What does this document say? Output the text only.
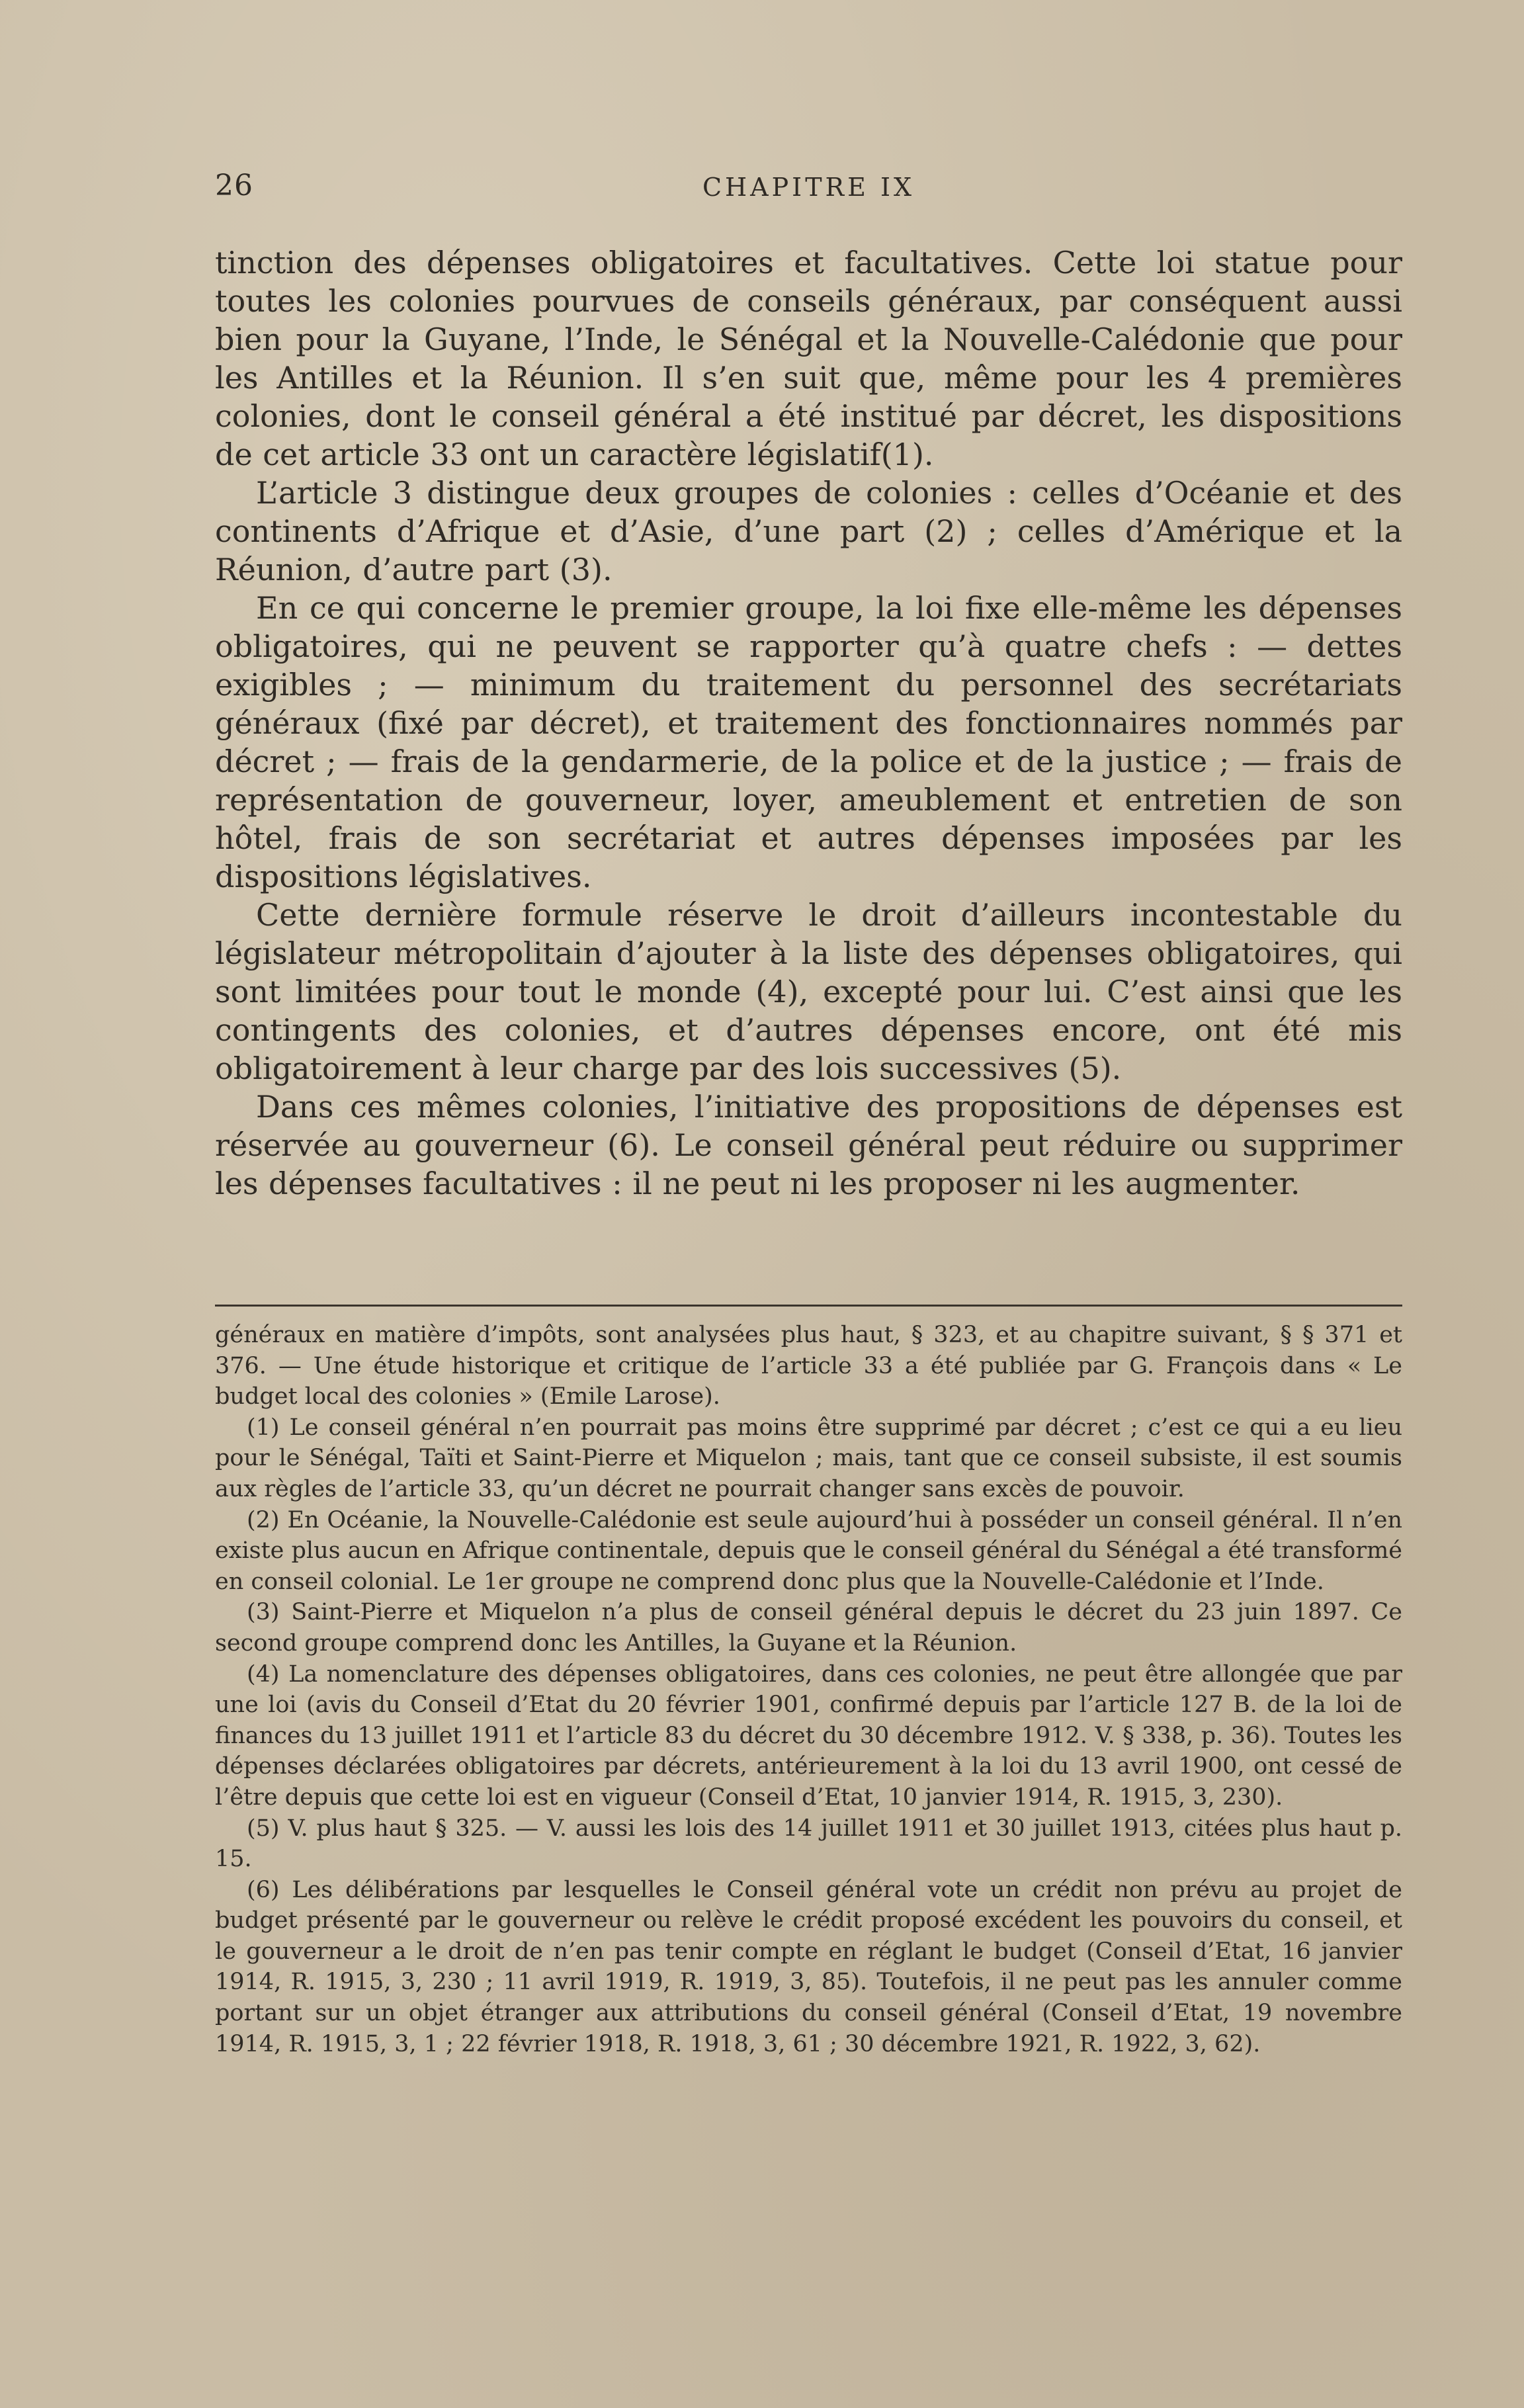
26	CHAPITRE IX

tinction des dépenses obligatoires et facultatives. Cette loi statue pour toutes les colonies pourvues de conseils généraux, par conséquent aussi bien pour la Guyane, l’Inde, le Sénégal et la Nouvelle-Calédonie que pour les Antilles et la Réunion. Il s’en suit que, même pour les 4 premières colonies, dont le conseil général a été institué par décret, les dispositions de cet article 33 ont un caractère législatif(1).

L’article 3 distingue deux groupes de colonies : celles d’Océanie et des continents d’Afrique et d’Asie, d’une part (2) ; celles d’Amérique et la Réunion, d’autre part (3).

En ce qui concerne le premier groupe, la loi fixe elle-même les dépenses obligatoires, qui ne peuvent se rapporter qu’à quatre chefs : — dettes exigibles ; — minimum du traitement du personnel des secrétariats généraux (fixé par décret), et traitement des fonctionnaires nommés par décret ; — frais de la gendarmerie, de la police et de la justice ; — frais de représentation de gouverneur, loyer, ameublement et entretien de son hôtel, frais de son secrétariat et autres dépenses imposées par les dispositions législatives.

Cette dernière formule réserve le droit d’ailleurs incontestable du législateur métropolitain d’ajouter à la liste des dépenses obligatoires, qui sont limitées pour tout le monde (4), excepté pour lui. C’est ainsi que les contingents des colonies, et d’autres dépenses encore, ont été mis obligatoirement à leur charge par des lois successives (5).

Dans ces mêmes colonies, l’initiative des propositions de dépenses est réservée au gouverneur (6). Le conseil général peut réduire ou supprimer les dépenses facultatives : il ne peut ni les proposer ni les augmenter.

généraux en matière d’impôts, sont analysées plus haut, § 323, et au chapitre suivant, § § 371 et 376. — Une étude historique et critique de l’article 33 a été publiée par G. François dans « Le budget local des colonies » (Emile Larose).

(1) Le conseil général n’en pourrait pas moins être supprimé par décret ; c’est ce qui a eu lieu pour le Sénégal, Taïti et Saint-Pierre et Miquelon ; mais, tant que ce conseil subsiste, il est soumis aux règles de l’article 33, qu’un décret ne pourrait changer sans excès de pouvoir.

(2) En Océanie, la Nouvelle-Calédonie est seule aujourd’hui à posséder un conseil général. Il n’en existe plus aucun en Afrique continentale, depuis que le conseil général du Sénégal a été transformé en conseil colonial. Le 1er groupe ne comprend donc plus que la Nouvelle-Calédonie et l’Inde.

(3) Saint-Pierre et Miquelon n’a plus de conseil général depuis le décret du 23 juin 1897. Ce second groupe comprend donc les Antilles, la Guyane et la Réunion.

(4) La nomenclature des dépenses obligatoires, dans ces colonies, ne peut être allongée que par une loi (avis du Conseil d’Etat du 20 février 1901, confirmé depuis par l’article 127 B. de la loi de finances du 13 juillet 1911 et l’article 83 du décret du 30 décembre 1912. V. § 338, p. 36). Toutes les dépenses déclarées obligatoires par décrets, antérieurement à la loi du 13 avril 1900, ont cessé de l’être depuis que cette loi est en vigueur (Conseil d’Etat, 10 janvier 1914, R. 1915, 3, 230).

(5) V. plus haut § 325. — V. aussi les lois des 14 juillet 1911 et 30 juillet 1913, citées plus haut p. 15.

(6) Les délibérations par lesquelles le Conseil général vote un crédit non prévu au projet de budget présenté par le gouverneur ou relève le crédit proposé excédent les pouvoirs du conseil, et le gouverneur a le droit de n’en pas tenir compte en réglant le budget (Conseil d’Etat, 16 janvier 1914, R. 1915, 3, 230 ; 11 avril 1919, R. 1919, 3, 85). Toutefois, il ne peut pas les annuler comme portant sur un objet étranger aux attributions du conseil général (Conseil d’Etat, 19 novembre 1914, R. 1915, 3, 1 ; 22 février 1918, R. 1918, 3, 61 ; 30 décembre 1921, R. 1922, 3, 62).
